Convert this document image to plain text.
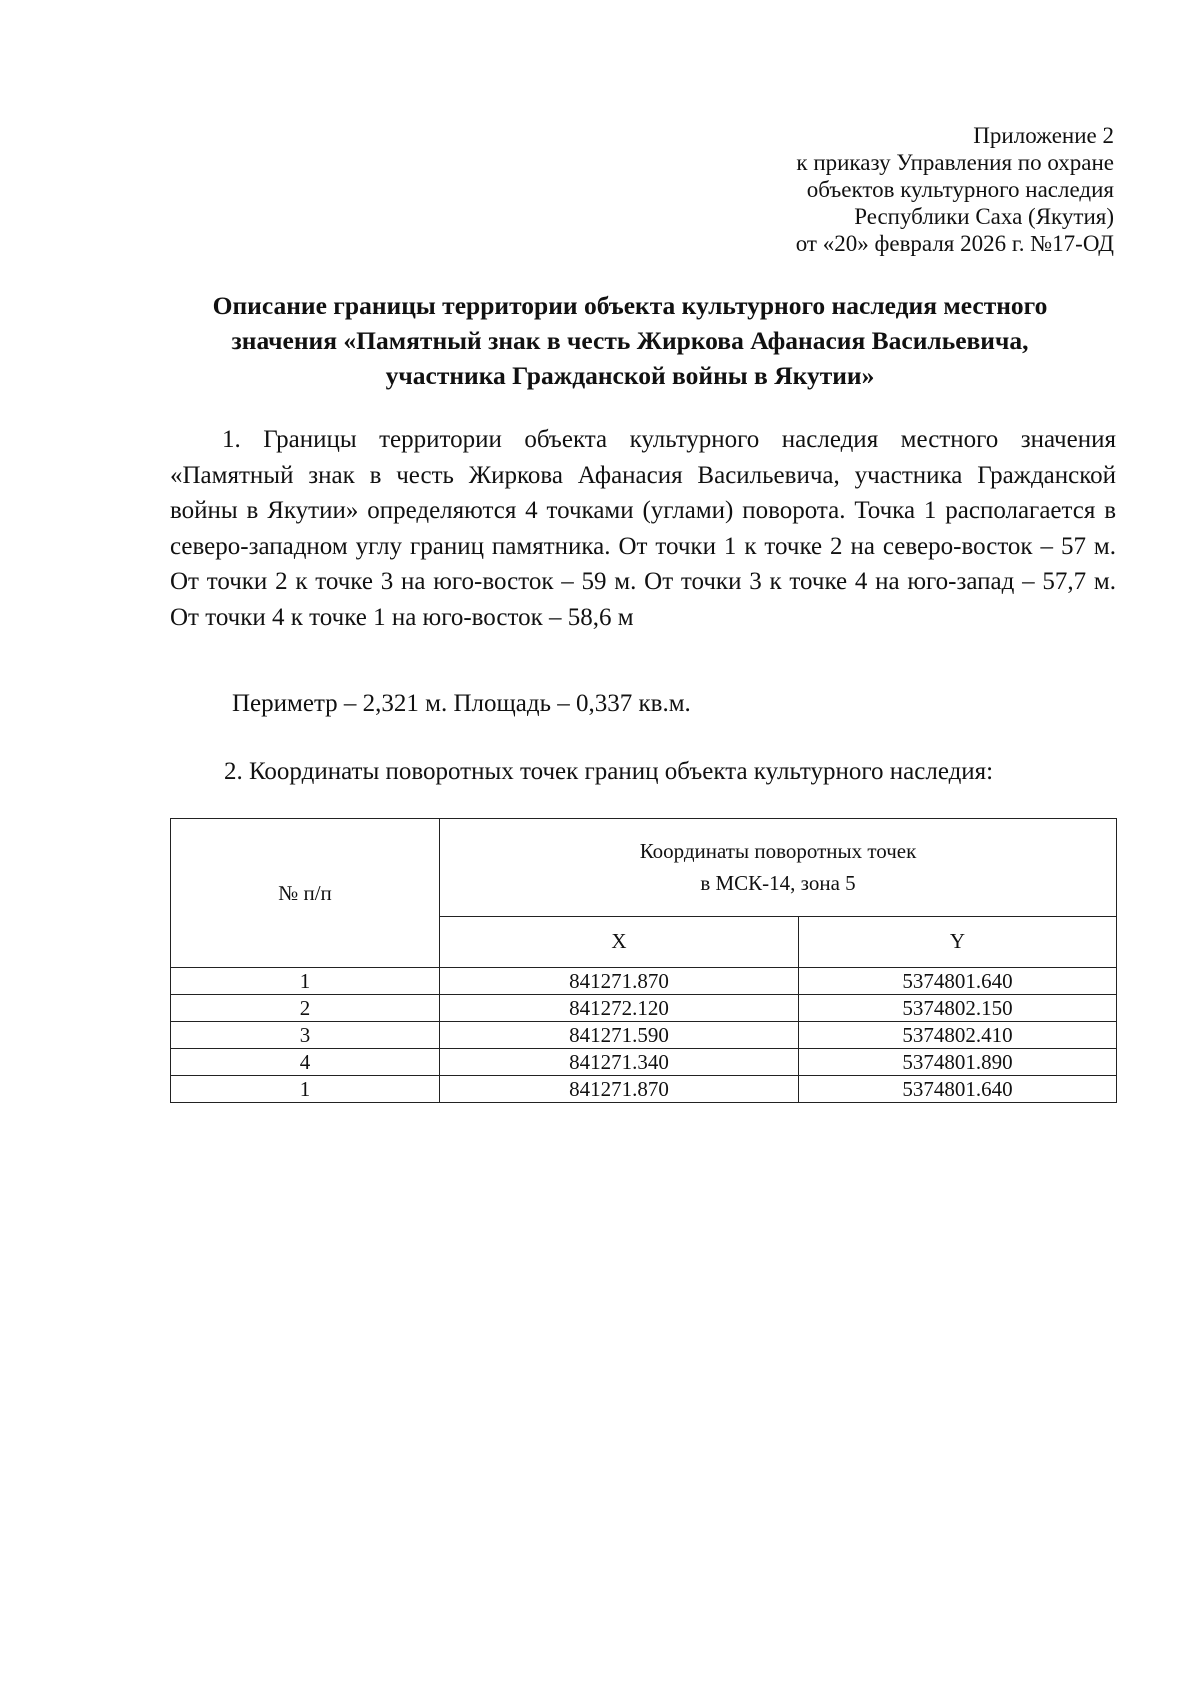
Приложение 2
к приказу Управления по охране
объектов культурного наследия
Республики Саха (Якутия)
от «20» февраля 2026 г. №17-ОД
Описание границы территории объекта культурного наследия местного
значения «Памятный знак в честь Жиркова Афанасия Васильевича,
участника Гражданской войны в Якутии»
1. Границы территории объекта культурного наследия местного значения «Памятный знак в честь Жиркова Афанасия Васильевича, участника Гражданской войны в Якутии» определяются 4 точками (углами) поворота. Точка 1 располагается в северо-западном углу границ памятника. От точки 1 к точке 2 на северо-восток – 57 м. От точки 2 к точке 3 на юго-восток – 59 м. От точки 3 к точке 4 на юго-запад – 57,7 м. От точки 4 к точке 1 на юго-восток – 58,6 м
Периметр – 2,321 м. Площадь – 0,337 кв.м.
2. Координаты поворотных точек границ объекта культурного наследия:
№ п/п	Координаты поворотных точек
в МСК-14, зона 5	

	X	Y
1	841271.870	5374801.640
2	841272.120	5374802.150
3	841271.590	5374802.410
4	841271.340	5374801.890
1	841271.870	5374801.640
